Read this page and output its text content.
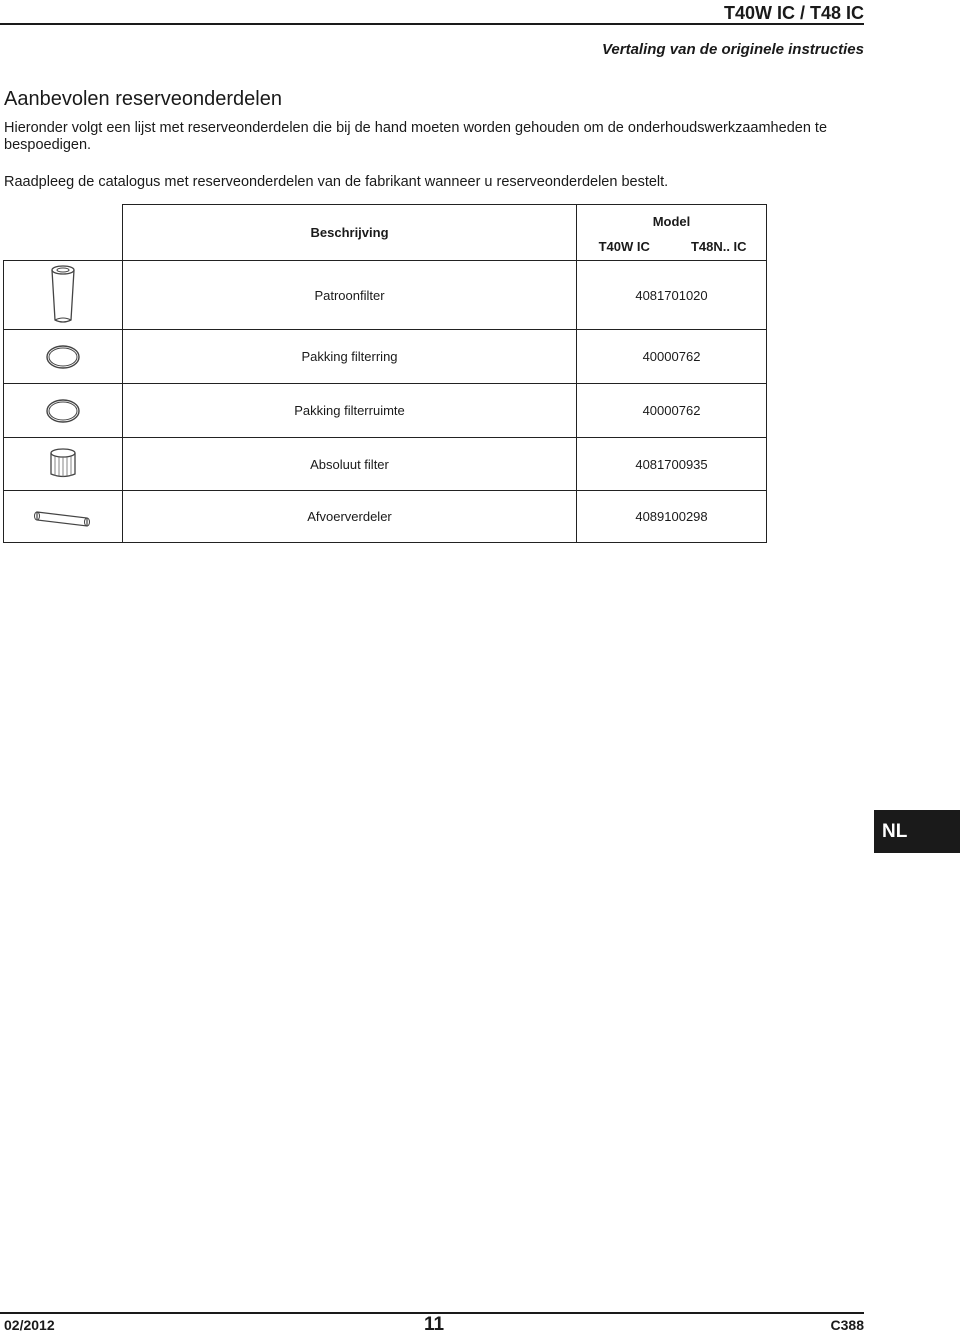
T40W IC / T48 IC
Vertaling van de originele instructies
Aanbevolen reserveonderdelen
Hieronder volgt een lijst met reserveonderdelen die bij de hand moeten worden gehouden om de onderhoudswerkzaamheden te bespoedigen.
Raadpleeg de catalogus met reserveonderdelen van de fabrikant wanneer u reserveonderdelen bestelt.
	Beschrijving	Model	
		T40W IC	T48N.. IC

	Patroonfilter	4081701020	

	Pakking filterring	40000762	

	Pakking filterruimte	40000762	

	Absoluut filter	4081700935	

	Afvoerverdeler	4089100298	
NL
02/2012	11	C388
